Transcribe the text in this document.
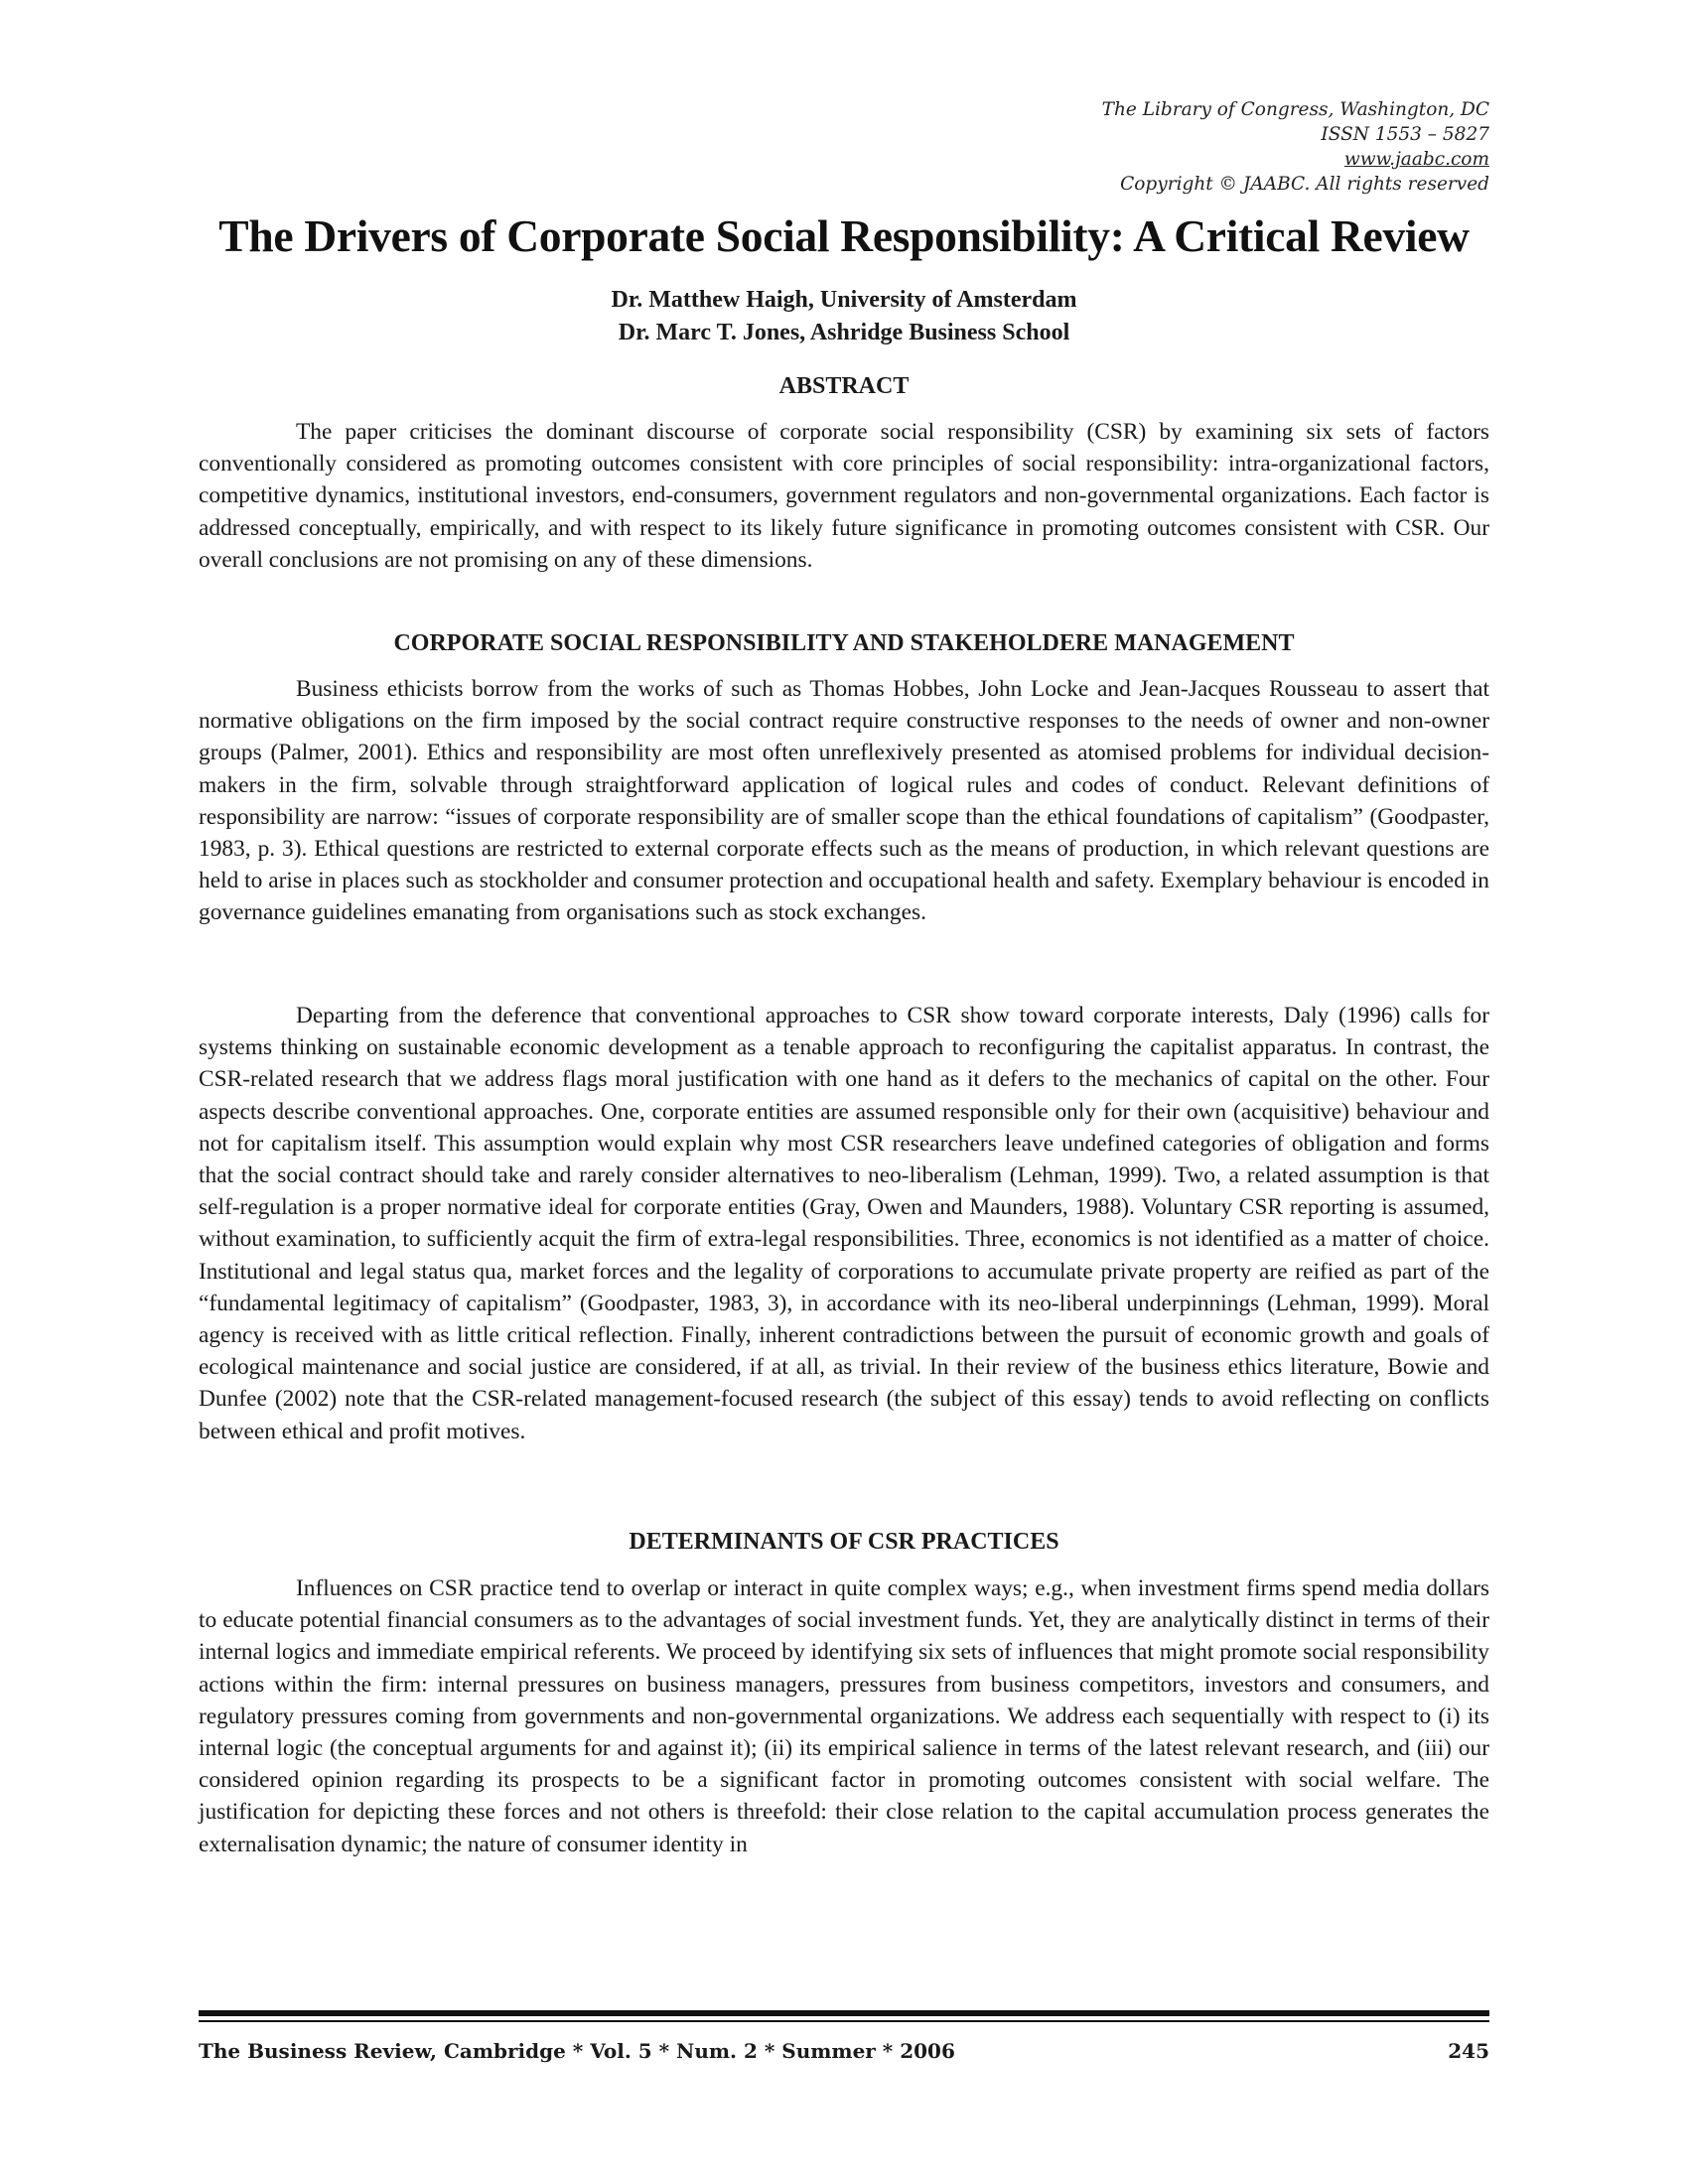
The Library of Congress, Washington, DC
ISSN 1553 – 5827
www.jaabc.com
Copyright © JAABC. All rights reserved
The Drivers of Corporate Social Responsibility: A Critical Review
Dr. Matthew Haigh, University of Amsterdam
Dr. Marc T. Jones, Ashridge Business School
ABSTRACT

The paper criticises the dominant discourse of corporate social responsibility (CSR) by examining six sets of factors conventionally considered as promoting outcomes consistent with core principles of social responsibility: intra-organizational factors, competitive dynamics, institutional investors, end-consumers, government regulators and non-governmental organizations. Each factor is addressed conceptually, empirically, and with respect to its likely future significance in promoting outcomes consistent with CSR. Our overall conclusions are not promising on any of these dimensions.

CORPORATE SOCIAL RESPONSIBILITY AND STAKEHOLDERE MANAGEMENT

Business ethicists borrow from the works of such as Thomas Hobbes, John Locke and Jean-Jacques Rousseau to assert that normative obligations on the firm imposed by the social contract require constructive responses to the needs of owner and non-owner groups (Palmer, 2001). Ethics and responsibility are most often unreflexively presented as atomised problems for individual decision-makers in the firm, solvable through straightforward application of logical rules and codes of conduct. Relevant definitions of responsibility are narrow: “issues of corporate responsibility are of smaller scope than the ethical foundations of capitalism” (Goodpaster, 1983, p. 3). Ethical questions are restricted to external corporate effects such as the means of production, in which relevant questions are held to arise in places such as stockholder and consumer protection and occupational health and safety. Exemplary behaviour is encoded in governance guidelines emanating from organisations such as stock exchanges.

Departing from the deference that conventional approaches to CSR show toward corporate interests, Daly (1996) calls for systems thinking on sustainable economic development as a tenable approach to reconfiguring the capitalist apparatus. In contrast, the CSR-related research that we address flags moral justification with one hand as it defers to the mechanics of capital on the other. Four aspects describe conventional approaches. One, corporate entities are assumed responsible only for their own (acquisitive) behaviour and not for capitalism itself. This assumption would explain why most CSR researchers leave undefined categories of obligation and forms that the social contract should take and rarely consider alternatives to neo-liberalism (Lehman, 1999). Two, a related assumption is that self-regulation is a proper normative ideal for corporate entities (Gray, Owen and Maunders, 1988). Voluntary CSR reporting is assumed, without examination, to sufficiently acquit the firm of extra-legal responsibilities. Three, economics is not identified as a matter of choice. Institutional and legal status qua, market forces and the legality of corporations to accumulate private property are reified as part of the “fundamental legitimacy of capitalism” (Goodpaster, 1983, 3), in accordance with its neo-liberal underpinnings (Lehman, 1999). Moral agency is received with as little critical reflection. Finally, inherent contradictions between the pursuit of economic growth and goals of ecological maintenance and social justice are considered, if at all, as trivial. In their review of the business ethics literature, Bowie and Dunfee (2002) note that the CSR-related management-focused research (the subject of this essay) tends to avoid reflecting on conflicts between ethical and profit motives.

DETERMINANTS OF CSR PRACTICES

Influences on CSR practice tend to overlap or interact in quite complex ways; e.g., when investment firms spend media dollars to educate potential financial consumers as to the advantages of social investment funds. Yet, they are analytically distinct in terms of their internal logics and immediate empirical referents. We proceed by identifying six sets of influences that might promote social responsibility actions within the firm: internal pressures on business managers, pressures from business competitors, investors and consumers, and regulatory pressures coming from governments and non-governmental organizations. We address each sequentially with respect to (i) its internal logic (the conceptual arguments for and against it); (ii) its empirical salience in terms of the latest relevant research, and (iii) our considered opinion regarding its prospects to be a significant factor in promoting outcomes consistent with social welfare. The justification for depicting these forces and not others is threefold: their close relation to the capital accumulation process generates the externalisation dynamic; the nature of consumer identity in

The Business Review, Cambridge * Vol. 5 * Num. 2 * Summer * 2006	245
